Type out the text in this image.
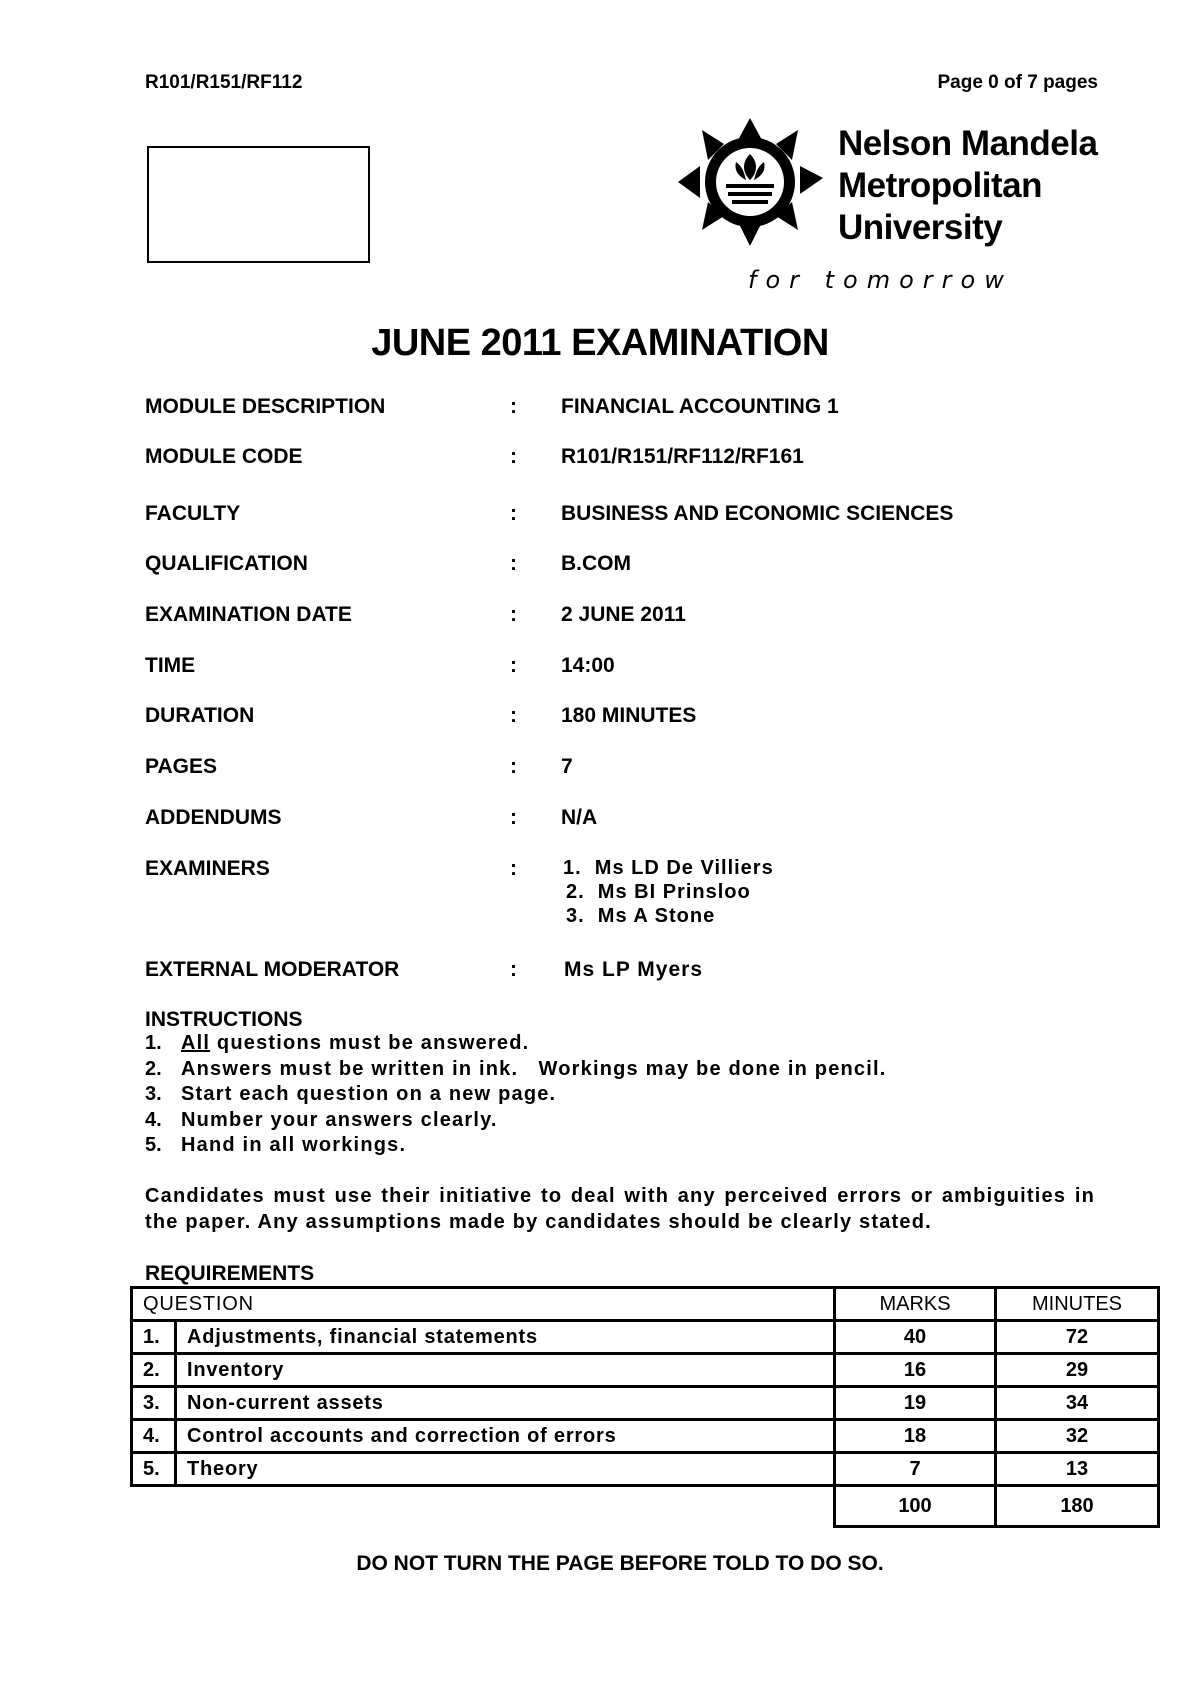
R101/R151/RF112	Page 0 of 7 pages
Nelson Mandela
Metropolitan
University
for tomorrow
JUNE 2011 EXAMINATION
MODULE DESCRIPTION	: FINANCIAL ACCOUNTING 1
MODULE CODE	: R101/R151/RF112/RF161
FACULTY	: BUSINESS AND ECONOMIC SCIENCES
QUALIFICATION	: B.COM
EXAMINATION DATE	: 2 JUNE 2011
TIME	: 14:00
DURATION	: 180 MINUTES
PAGES	: 7
ADDENDUMS	: N/A
EXAMINERS	: 1.  Ms LD De Villiers
2.  Ms BI Prinsloo
3.  Ms A Stone
EXTERNAL MODERATOR	: Ms LP Myers
INSTRUCTIONS
1. All questions must be answered.
2. Answers must be written in ink.   Workings may be done in pencil.
3. Start each question on a new page.
4. Number your answers clearly.
5. Hand in all workings.
Candidates must use their initiative to deal with any perceived errors or ambiguities in the paper. Any assumptions made by candidates should be clearly stated.
REQUIREMENTS
QUESTION		MARKS	MINUTES
1.	Adjustments, financial statements	40	72
2.	Inventory	16	29
3.	Non-current assets	19	34
4.	Control accounts and correction of errors	18	32
5.	Theory	7	13
		100	180
DO NOT TURN THE PAGE BEFORE TOLD TO DO SO.
